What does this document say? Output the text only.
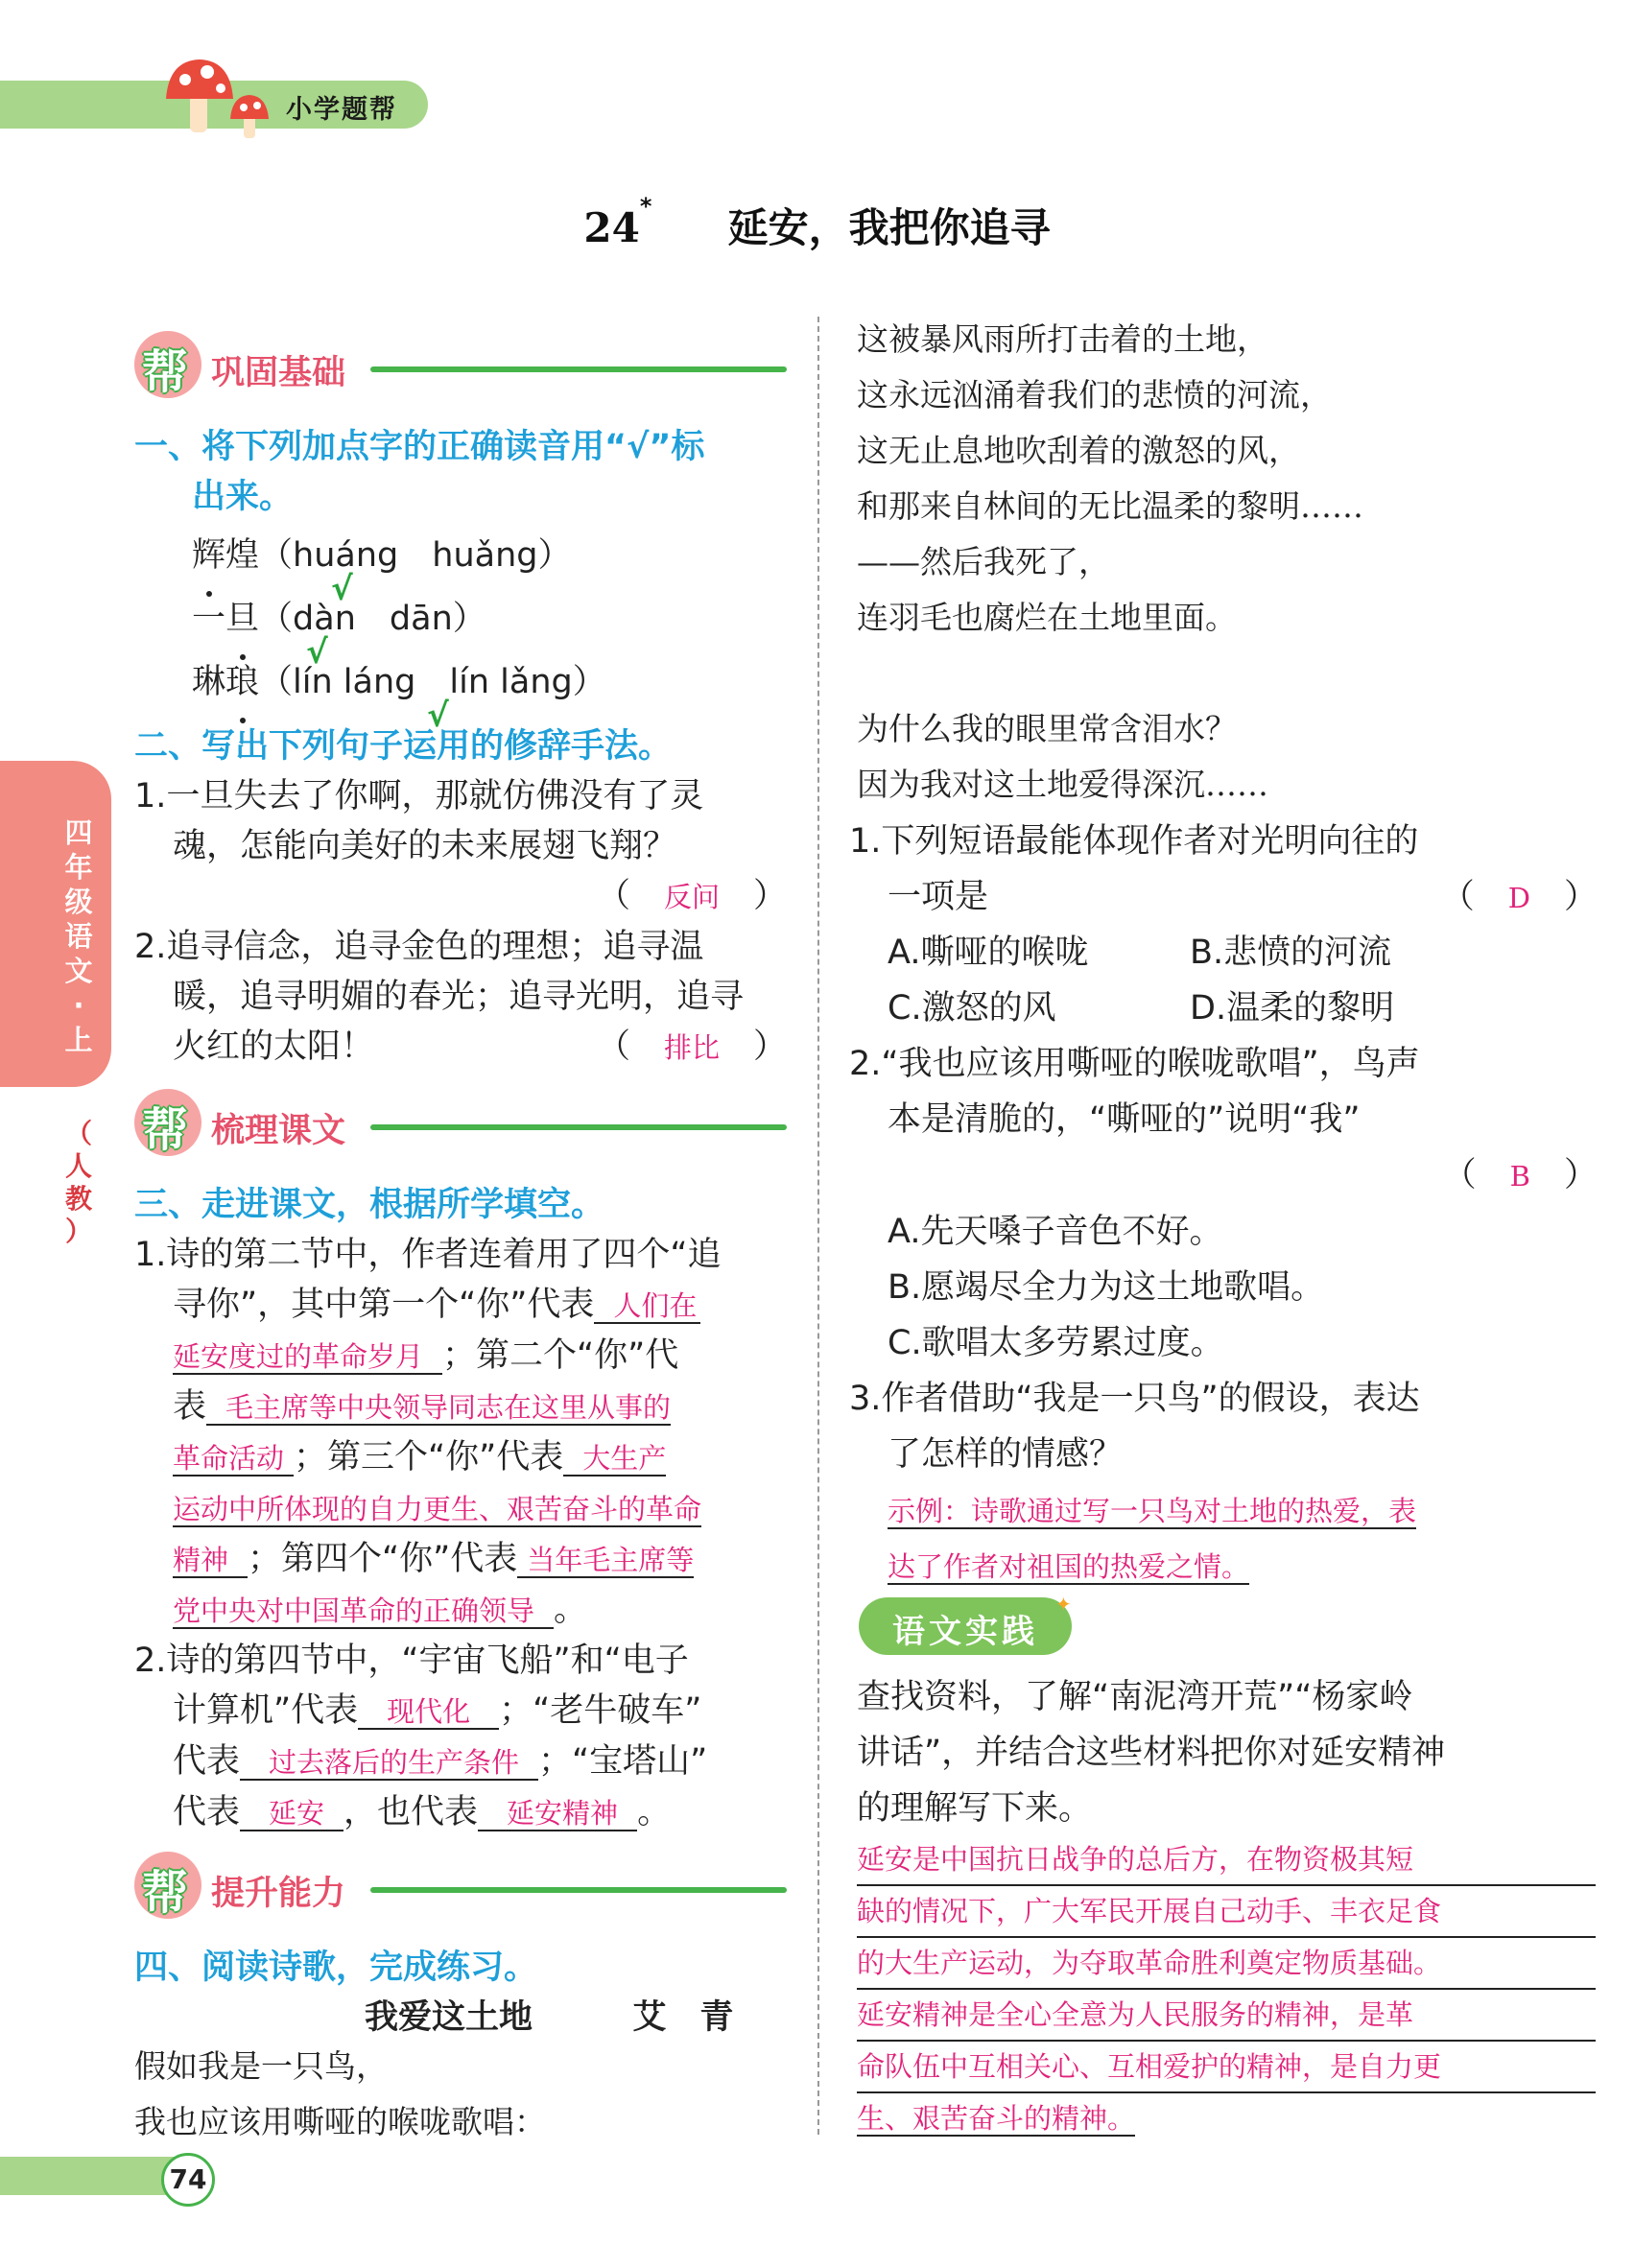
小学题帮
24* 延安，我把你追寻
四
年
级
语
文
·
上
（
人
教
）
帮 巩固基础
一、将下列加点字的正确读音用“√”标
出来。
辉煌（huáng
√
　huǎng）
一旦（dàn
√
　dān）
琳琅（lín láng
√
　lín lǎng）
二、写出下列句子运用的修辞手法。
1.一旦失去了你啊，那就仿佛没有了灵
魂，怎能向美好的未来展翅飞翔？
（　反问　）
2.追寻信念，追寻金色的理想；追寻温
暖，追寻明媚的春光；追寻光明，追寻
火红的太阳！	（　排比　）
帮 梳理课文
三、走进课文，根据所学填空。
1.诗的第二节中，作者连着用了四个“追
寻你”，其中第一个“你”代表 人们在
延安度过的革命岁月 ；第二个“你”代
表 毛主席等中央领导同志在这里从事的
革命活动 ；第三个“你”代表 大生产
运动中所体现的自力更生、艰苦奋斗的革命
精神 ；第四个“你”代表 当年毛主席等
党中央对中国革命的正确领导 。
2.诗的第四节中，“宇宙飞船”和“电子
计算机”代表 现代化 ；“老牛破车”
代表 过去落后的生产条件 ；“宝塔山”
代表 延安 ，也代表 延安精神 。
帮 提升能力
四、阅读诗歌，完成练习。
我爱这土地	艾　青
假如我是一只鸟，
我也应该用嘶哑的喉咙歌唱：
这被暴风雨所打击着的土地，
这永远汹涌着我们的悲愤的河流，
这无止息地吹刮着的激怒的风，
和那来自林间的无比温柔的黎明……
——然后我死了，
连羽毛也腐烂在土地里面。
为什么我的眼里常含泪水？
因为我对这土地爱得深沉……
1.下列短语最能体现作者对光明向往的
一项是	（　D　）
A.嘶哑的喉咙	B.悲愤的河流
C.激怒的风	D.温柔的黎明
2.“我也应该用嘶哑的喉咙歌唱”，鸟声
本是清脆的，“嘶哑的”说明“我”
（　B　）
A.先天嗓子音色不好。
B.愿竭尽全力为这土地歌唱。
C.歌唱太多劳累过度。
3.作者借助“我是一只鸟”的假设，表达
了怎样的情感？
示例：诗歌通过写一只鸟对土地的热爱，表
达了作者对祖国的热爱之情。
语文实践
✦
查找资料，了解“南泥湾开荒”“杨家岭
讲话”，并结合这些材料把你对延安精神
的理解写下来。
延安是中国抗日战争的总后方，在物资极其短
缺的情况下，广大军民开展自己动手、丰衣足食
的大生产运动，为夺取革命胜利奠定物质基础。
延安精神是全心全意为人民服务的精神，是革
命队伍中互相关心、互相爱护的精神，是自力更
生、艰苦奋斗的精神。
74
